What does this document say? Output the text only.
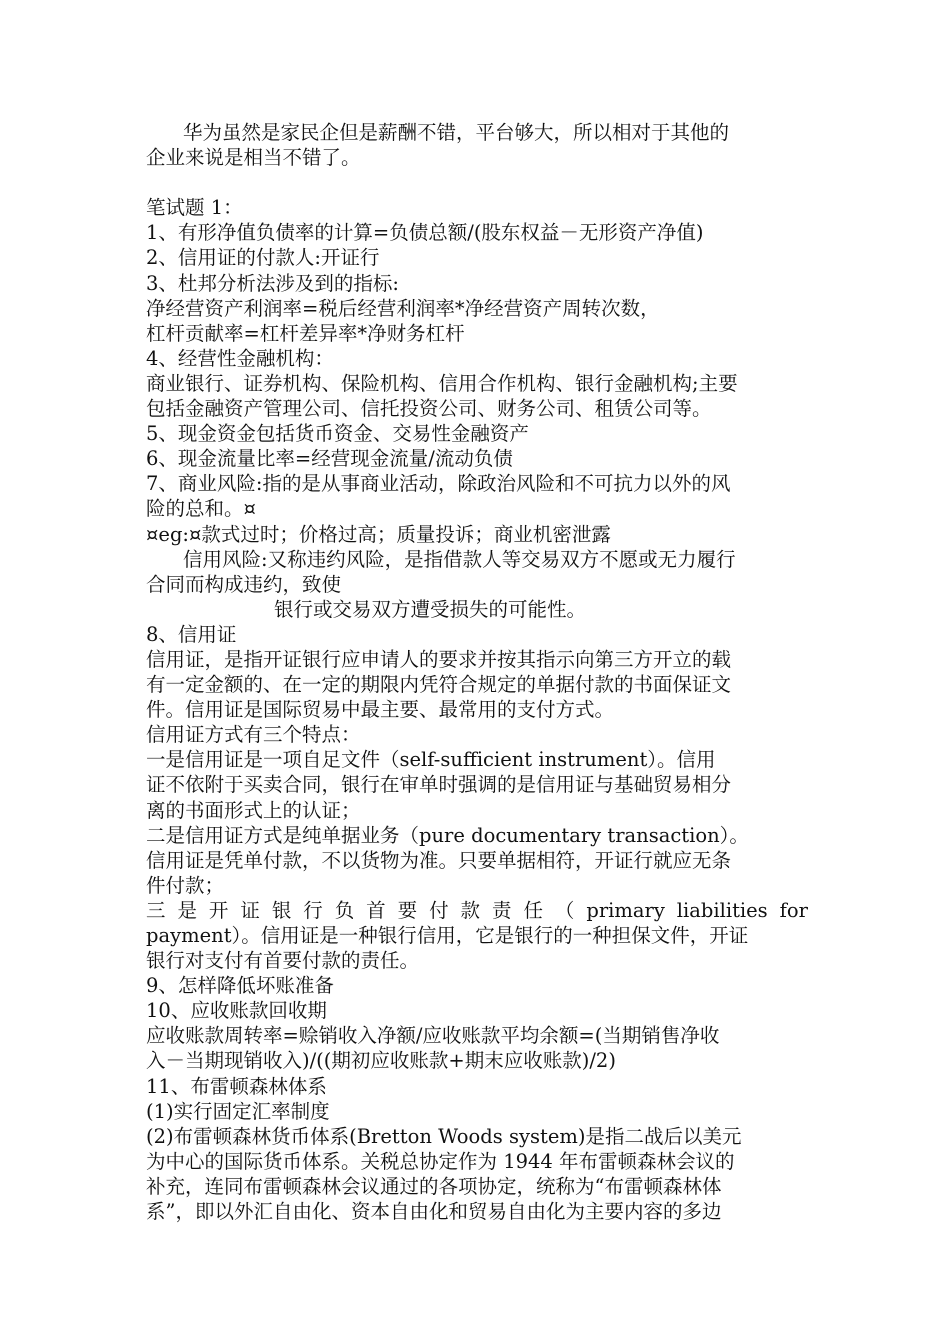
华为虽然是家民企但是薪酬不错，平台够大，所以相对于其他的
企业来说是相当不错了。
笔试题 1：
1、有形净值负债率的计算=负债总额/(股东权益－无形资产净值)
2、信用证的付款人:开证行
3、杜邦分析法涉及到的指标:
净经营资产利润率=税后经营利润率*净经营资产周转次数，
杠杆贡献率=杠杆差异率*净财务杠杆
4、经营性金融机构：
商业银行、证券机构、保险机构、信用合作机构、银行金融机构;主要
包括金融资产管理公司、信托投资公司、财务公司、租赁公司等。
5、现金资金包括货币资金、交易性金融资产
6、现金流量比率=经营现金流量/流动负债
7、商业风险:指的是从事商业活动，除政治风险和不可抗力以外的风
险的总和。¤
¤eg:¤款式过时；价格过高；质量投诉；商业机密泄露
信用风险:又称违约风险，是指借款人等交易双方不愿或无力履行
合同而构成违约，致使
银行或交易双方遭受损失的可能性。
8、信用证
信用证，是指开证银行应申请人的要求并按其指示向第三方开立的载
有一定金额的、在一定的期限内凭符合规定的单据付款的书面保证文
件。信用证是国际贸易中最主要、最常用的支付方式。
信用证方式有三个特点：
一是信用证是一项自足文件（self-sufficient instrument）。信用
证不依附于买卖合同，银行在审单时强调的是信用证与基础贸易相分
离的书面形式上的认证；
二是信用证方式是纯单据业务（pure documentary transaction）。
信用证是凭单付款，不以货物为准。只要单据相符，开证行就应无条
件付款；
三 是 开 证 银 行 负 首 要 付 款 责 任 （ primary liabilities for
payment）。信用证是一种银行信用，它是银行的一种担保文件，开证
银行对支付有首要付款的责任。
9、怎样降低坏账准备
10、应收账款回收期
应收账款周转率=赊销收入净额/应收账款平均余额=(当期销售净收
入－当期现销收入)/((期初应收账款+期末应收账款)/2)
11、布雷顿森林体系
(1)实行固定汇率制度
(2)布雷顿森林货币体系(Bretton Woods system)是指二战后以美元
为中心的国际货币体系。关税总协定作为 1944 年布雷顿森林会议的
补充，连同布雷顿森林会议通过的各项协定，统称为“布雷顿森林体
系”，即以外汇自由化、资本自由化和贸易自由化为主要内容的多边
